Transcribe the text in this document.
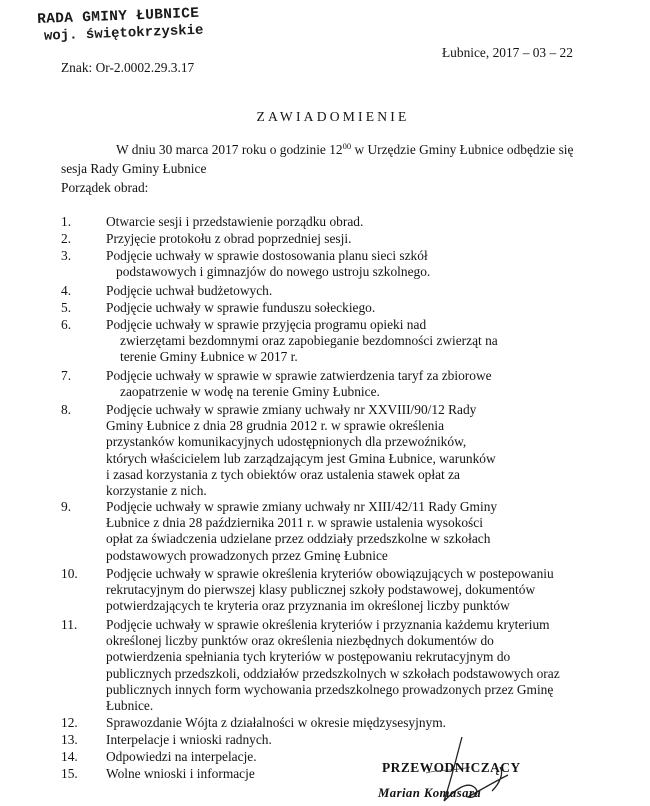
RADA GMINY ŁUBNICE
woj. świętokrzyskie
Znak: Or-2.0002.29.3.17
Łubnice, 2017 – 03 – 22
ZAWIADOMIENIE
W dniu 30 marca 2017 roku o godzinie $12^{00}$ w Urzędzie Gminy Łubnice odbędzie się
sesja Rady Gminy Łubnice
Porządek obrad:
1.	Otwarcie sesji i przedstawienie porządku obrad.
2.	Przyjęcie protokołu z obrad poprzedniej sesji.
3.	Podjęcie uchwały w sprawie dostosowania planu sieci szkół
podstawowych i gimnazjów do nowego ustroju szkolnego.
4.	Podjęcie uchwał budżetowych.
5.	Podjęcie uchwały w sprawie funduszu sołeckiego.
6.	Podjęcie uchwały w sprawie przyjęcia programu opieki nad
zwierzętami bezdomnymi oraz zapobieganie bezdomności zwierząt na
terenie Gminy Łubnice w 2017 r.
7.	Podjęcie uchwały w sprawie w sprawie zatwierdzenia taryf za zbiorowe
zaopatrzenie w wodę na terenie Gminy Łubnice.
8.	Podjęcie uchwały w sprawie zmiany uchwały nr XXVIII/90/12 Rady
Gminy Łubnice z dnia 28 grudnia 2012 r. w sprawie określenia
przystanków komunikacyjnych udostępnionych dla przewoźników,
których właścicielem lub zarządzającym jest Gmina Łubnice, warunków
i zasad korzystania z tych obiektów oraz ustalenia stawek opłat za
korzystanie z nich.
9.	Podjęcie uchwały w sprawie zmiany uchwały nr XIII/42/11 Rady Gminy
Łubnice z dnia 28 października 2011 r. w sprawie ustalenia wysokości
opłat za świadczenia udzielane przez oddziały przedszkolne w szkołach
podstawowych prowadzonych przez Gminę Łubnice
10. Podjęcie uchwały w sprawie określenia kryteriów obowiązujących w postepowaniu
rekrutacyjnym do pierwszej klasy publicznej szkoły podstawowej, dokumentów
potwierdzających te kryteria oraz przyznania im określonej liczby punktów
11. Podjęcie uchwały w sprawie określenia kryteriów i przyznania każdemu kryterium
określonej liczby punktów oraz określenia niezbędnych dokumentów do
potwierdzenia spełniania tych kryteriów w postępowaniu rekrutacyjnym do
publicznych przedszkoli, oddziałów przedszkolnych w szkołach podstawowych oraz
publicznych innych form wychowania przedszkolnego prowadzonych przez Gminę
Łubnice.
12. Sprawozdanie Wójta z działalności w okresie międzysesyjnym.
13. Interpelacje i wnioski radnych.
14. Odpowiedzi na interpelacje.
15. Wolne wnioski i informacje	PRZEWODNICZĄCY
Marian Komasara
